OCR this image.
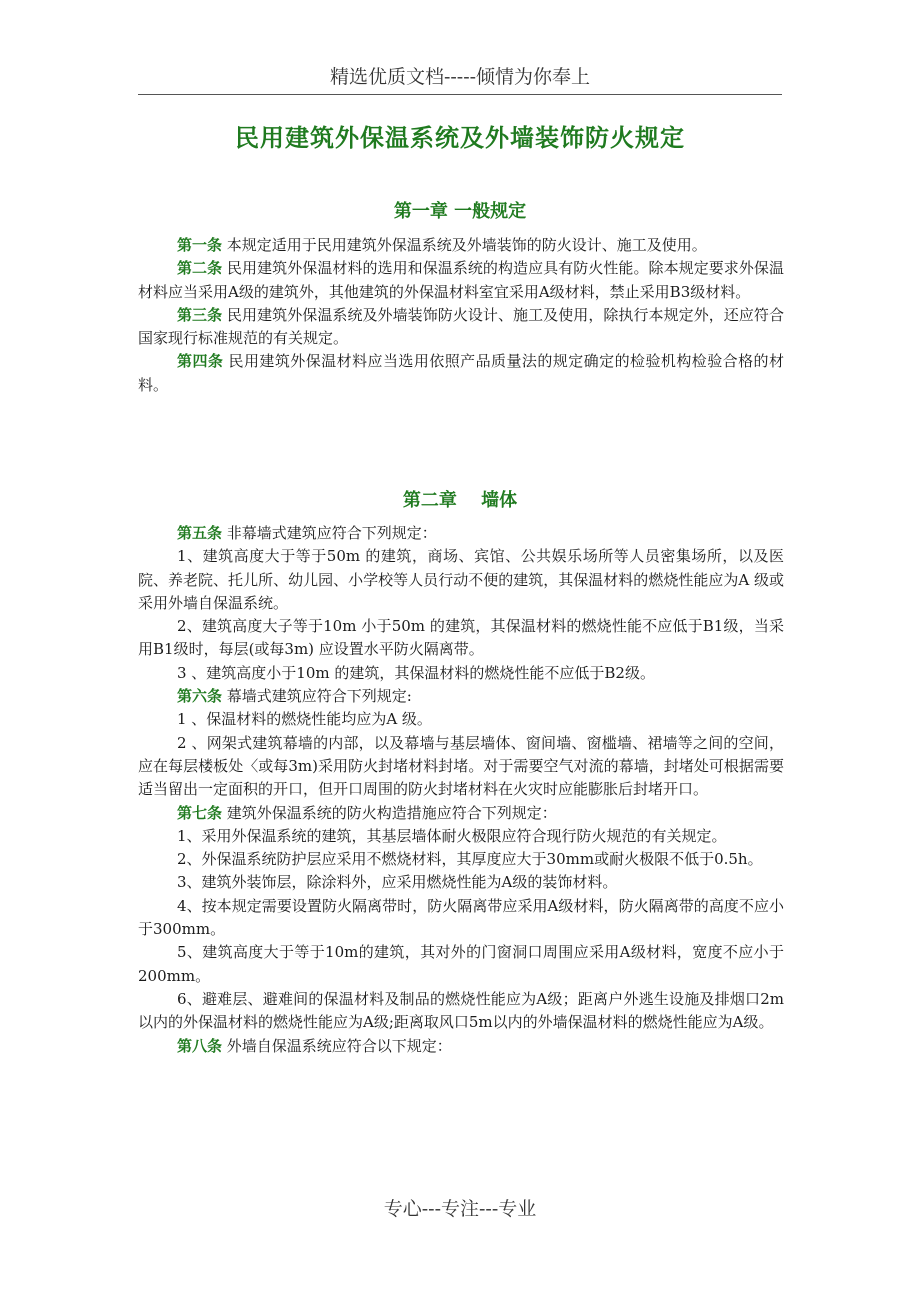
精选优质文档-----倾情为你奉上
民用建筑外保温系统及外墙装饰防火规定
第一章 一般规定

第一条 本规定适用于民用建筑外保温系统及外墙装饰的防火设计、施工及使用。

第二条 民用建筑外保温材料的选用和保温系统的构造应具有防火性能。除本规定要求外保温材料应当采用A级的建筑外，其他建筑的外保温材料室宜采用A级材料，禁止采用B3级材料。

第三条 民用建筑外保温系统及外墙装饰防火设计、施工及使用，除执行本规定外，还应符合国家现行标准规范的有关规定。

第四条 民用建筑外保温材料应当选用依照产品质量法的规定确定的检验机构检验合格的材料。

第二章　 墙体

第五条 非幕墙式建筑应符合下列规定：

1、建筑高度大于等于50m 的建筑，商场、宾馆、公共娱乐场所等人员密集场所，以及医院、养老院、托儿所、幼儿园、小学校等人员行动不便的建筑，其保温材料的燃烧性能应为A 级或采用外墙自保温系统。

2、建筑高度大子等于10m 小于50m 的建筑，其保温材料的燃烧性能不应低于B1级，当采用B1级时，每层(或每3m) 应设置水平防火隔离带。

3 、建筑高度小于10m 的建筑，其保温材料的燃烧性能不应低于B2级。

第六条 幕墙式建筑应符合下列规定:

1 、保温材料的燃烧性能均应为A 级。

2 、网架式建筑幕墙的内部，以及幕墙与基层墙体、窗间墙、窗槛墙、裙墙等之间的空间，应在每层楼板处〈或每3m)采用防火封堵材料封堵。对于需要空气对流的幕墙，封堵处可根据需要适当留出一定面积的开口，但开口周围的防火封堵材料在火灾时应能膨胀后封堵开口。

第七条 建筑外保温系统的防火构造措施应符合下列规定：

1、采用外保温系统的建筑，其基层墙体耐火极限应符合现行防火规范的有关规定。

2、外保温系统防护层应采用不燃烧材料，其厚度应大于30mm或耐火极限不低于0.5h。

3、建筑外装饰层，除涂料外，应采用燃烧性能为A级的装饰材料。

4、按本规定需要设置防火隔离带时，防火隔离带应采用A级材料，防火隔离带的高度不应小于300mm。

5、建筑高度大于等于10m的建筑，其对外的门窗洞口周围应采用A级材料，宽度不应小于200mm。

6、避难层、避难间的保温材料及制品的燃烧性能应为A级；距离户外逃生设施及排烟口2m以内的外保温材料的燃烧性能应为A级;距离取风口5m以内的外墙保温材料的燃烧性能应为A级。

第八条 外墙自保温系统应符合以下规定：

专心---专注---专业
